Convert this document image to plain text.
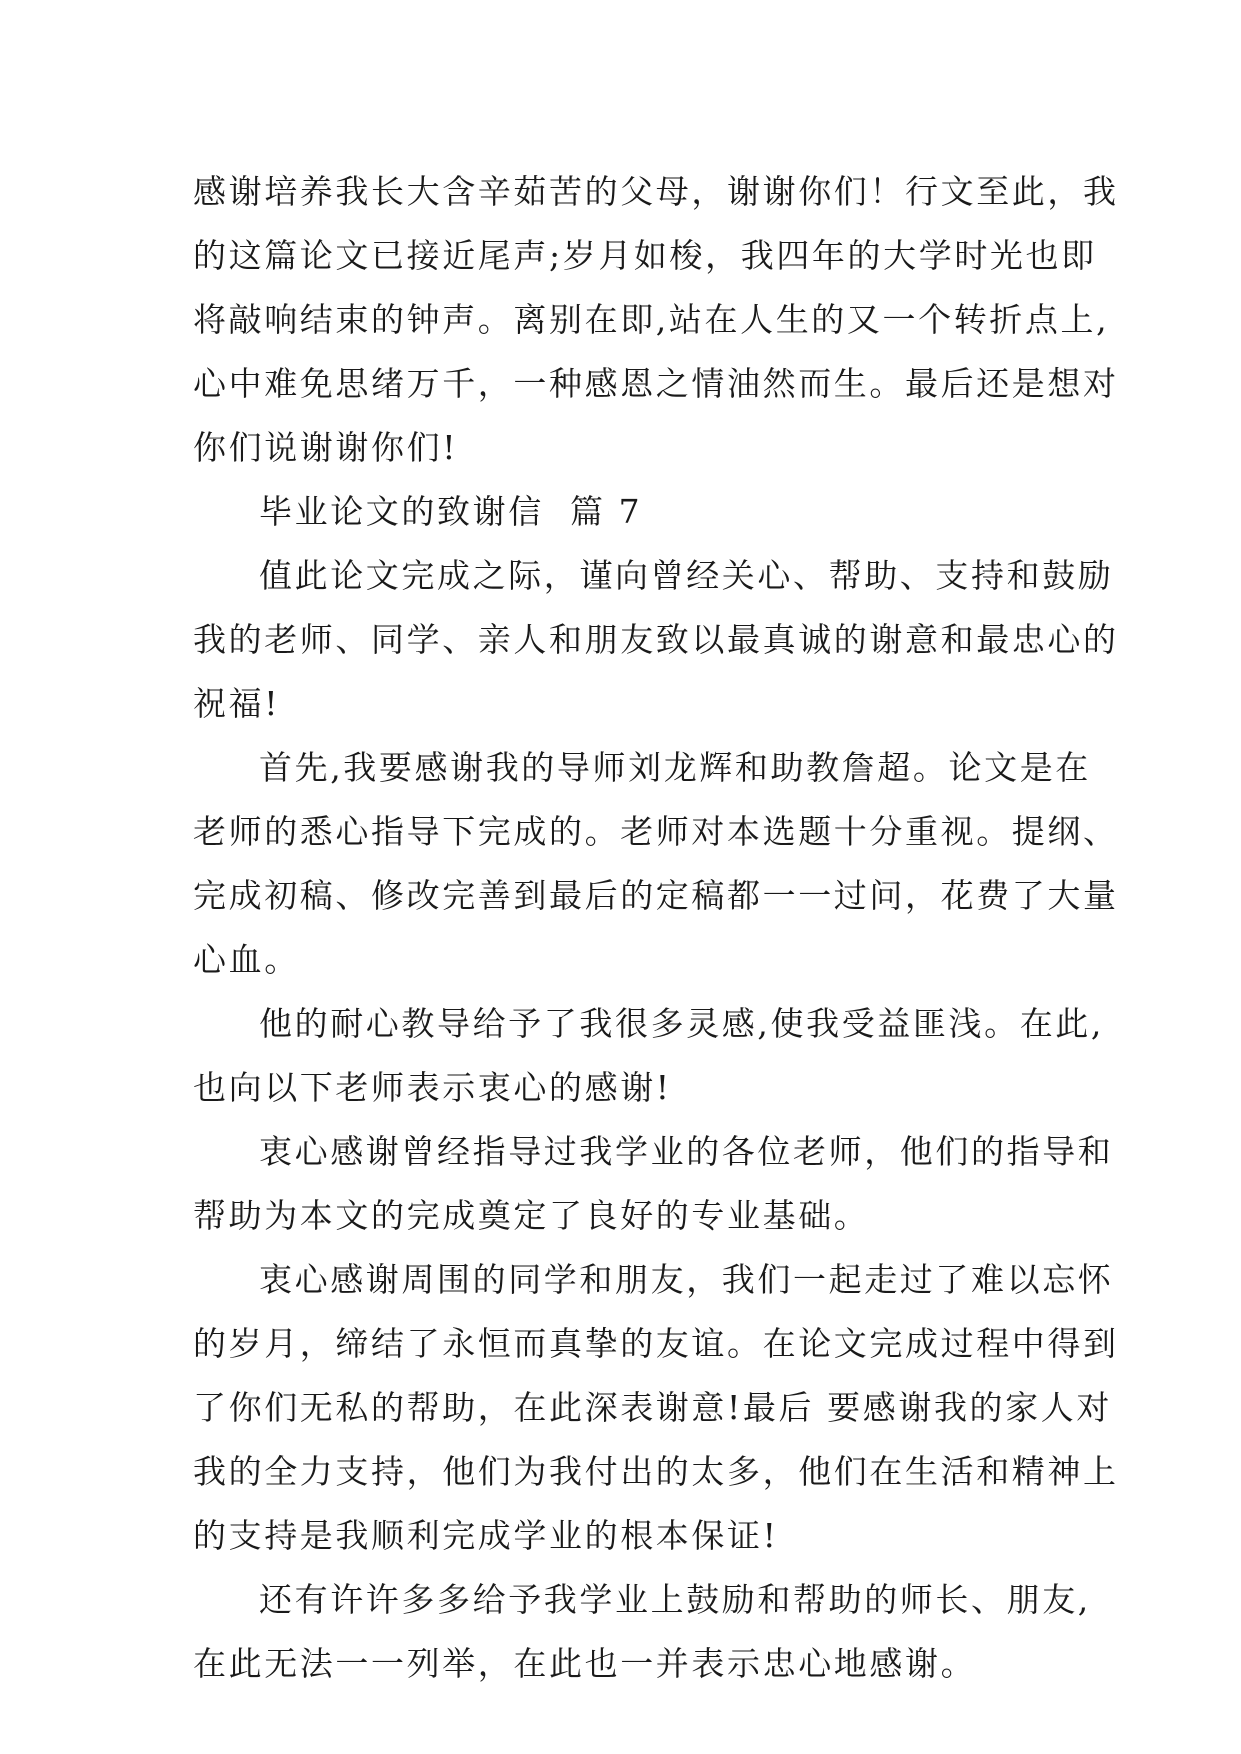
感谢培养我长大含辛茹苦的父母，谢谢你们！行文至此，我
的这篇论文已接近尾声;岁月如梭，我四年的大学时光也即
将敲响结束的钟声。离别在即,站在人生的又一个转折点上,
心中难免思绪万千，一种感恩之情油然而生。最后还是想对
你们说谢谢你们!
毕业论文的致谢信  篇 7
值此论文完成之际，谨向曾经关心、帮助、支持和鼓励
我的老师、同学、亲人和朋友致以最真诚的谢意和最忠心的
祝福!
首先,我要感谢我的导师刘龙辉和助教詹超。论文是在
老师的悉心指导下完成的。老师对本选题十分重视。提纲、
完成初稿、修改完善到最后的定稿都一一过问，花费了大量
心血。
他的耐心教导给予了我很多灵感,使我受益匪浅。在此,
也向以下老师表示衷心的感谢!
衷心感谢曾经指导过我学业的各位老师，他们的指导和
帮助为本文的完成奠定了良好的专业基础。
衷心感谢周围的同学和朋友，我们一起走过了难以忘怀
的岁月，缔结了永恒而真挚的友谊。在论文完成过程中得到
了你们无私的帮助，在此深表谢意!最后 要感谢我的家人对
我的全力支持，他们为我付出的太多，他们在生活和精神上
的支持是我顺利完成学业的根本保证!
还有许许多多给予我学业上鼓励和帮助的师长、朋友,
在此无法一一列举，在此也一并表示忠心地感谢。
